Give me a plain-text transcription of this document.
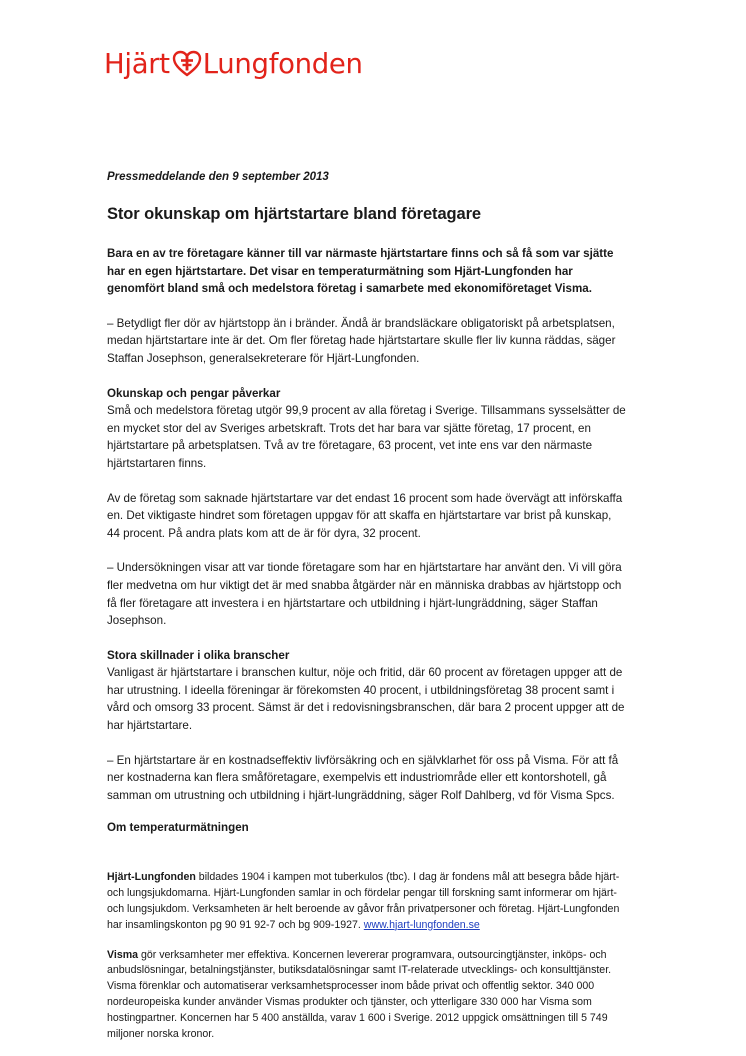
Hjärt Lungfonden

Pressmeddelande den 9 september 2013

Stor okunskap om hjärtstartare bland företagare

Bara en av tre företagare känner till var närmaste hjärtstartare finns och så få som var sjätte har en egen hjärtstartare. Det visar en temperaturmätning som Hjärt-Lungfonden har genomfört bland små och medelstora företag i samarbete med ekonomiföretaget Visma.

– Betydligt fler dör av hjärtstopp än i bränder. Ändå är brandsläckare obligatoriskt på arbetsplatsen, medan hjärtstartare inte är det. Om fler företag hade hjärtstartare skulle fler liv kunna räddas, säger Staffan Josephson, generalsekreterare för Hjärt-Lungfonden.

Okunskap och pengar påverkar

Små och medelstora företag utgör 99,9 procent av alla företag i Sverige. Tillsammans sysselsätter de en mycket stor del av Sveriges arbetskraft. Trots det har bara var sjätte företag, 17 procent, en hjärtstartare på arbetsplatsen. Två av tre företagare, 63 procent, vet inte ens var den närmaste hjärtstartaren finns.

Av de företag som saknade hjärtstartare var det endast 16 procent som hade övervägt att införskaffa en. Det viktigaste hindret som företagen uppgav för att skaffa en hjärtstartare var brist på kunskap, 44 procent. På andra plats kom att de är för dyra, 32 procent.

– Undersökningen visar att var tionde företagare som har en hjärtstartare har använt den. Vi vill göra fler medvetna om hur viktigt det är med snabba åtgärder när en människa drabbas av hjärtstopp och få fler företagare att investera i en hjärtstartare och utbildning i hjärt-lungräddning, säger Staffan Josephson.

Stora skillnader i olika branscher

Vanligast är hjärtstartare i branschen kultur, nöje och fritid, där 60 procent av företagen uppger att de har utrustning. I ideella föreningar är förekomsten 40 procent, i utbildningsföretag 38 procent samt i vård och omsorg 33 procent. Sämst är det i redovisningsbranschen, där bara 2 procent uppger att de har hjärtstartare.

– En hjärtstartare är en kostnadseffektiv livförsäkring och en självklarhet för oss på Visma. För att få ner kostnaderna kan flera småföretagare, exempelvis ett industriområde eller ett kontorshotell, gå samman om utrustning och utbildning i hjärt-lungräddning, säger Rolf Dahlberg, vd för Visma Spcs.

Om temperaturmätningen

Hjärt-Lungfonden bildades 1904 i kampen mot tuberkulos (tbc). I dag är fondens mål att besegra både hjärt- och lungsjukdomarna. Hjärt-Lungfonden samlar in och fördelar pengar till forskning samt informerar om hjärt- och lungsjukdom. Verksamheten är helt beroende av gåvor från privatpersoner och företag. Hjärt-Lungfonden har insamlingskonton pg 90 91 92-7 och bg 909-1927. www.hjart-lungfonden.se

Visma gör verksamheter mer effektiva. Koncernen levererar programvara, outsourcingtjänster, inköps- och anbudslösningar, betalningstjänster, butiksdatalösningar samt IT-relaterade utvecklings- och konsulttjänster. Visma förenklar och automatiserar verksamhetsprocesser inom både privat och offentlig sektor. 340 000 nordeuropeiska kunder använder Vismas produkter och tjänster, och ytterligare 330 000 har Visma som hostingpartner. Koncernen har 5 400 anställda, varav 1 600 i Sverige. 2012 uppgick omsättningen till 5 749 miljoner norska kronor.
